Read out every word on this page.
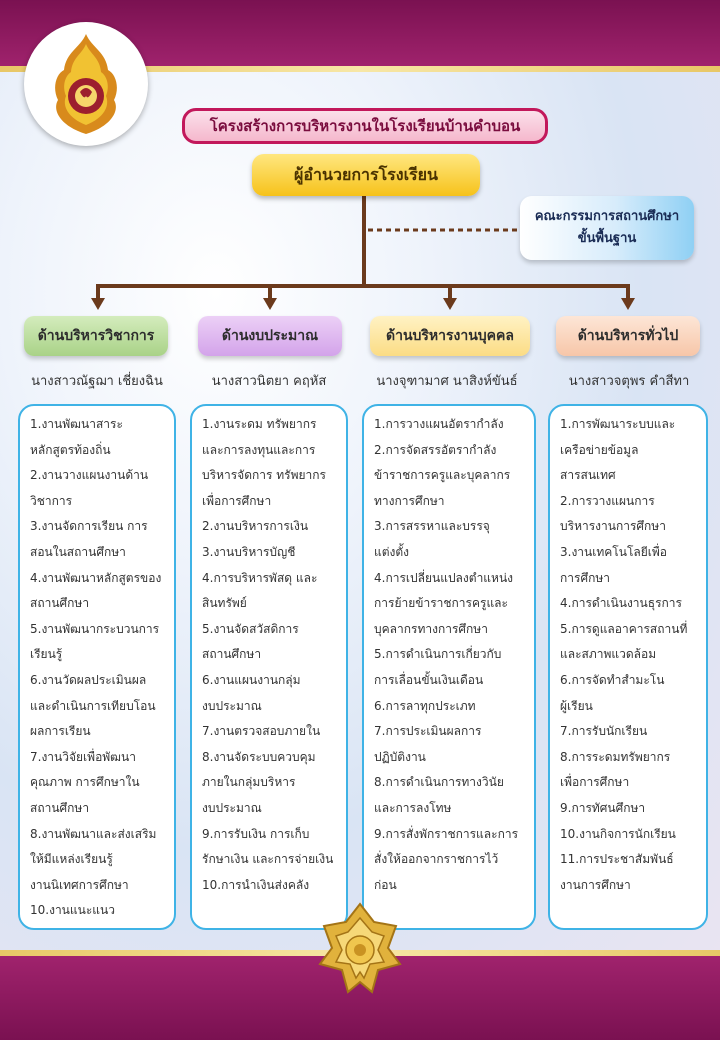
โครงสร้างการบริหารงานในโรงเรียนบ้านคำบอน
ผู้อำนวยการโรงเรียน
คณะกรรมการสถานศึกษา
ขั้นพื้นฐาน
ด้านบริหารวิชาการ	ด้านงบประมาณ	ด้านบริหารงานบุคคล	ด้านบริหารทั่วไป
นางสาวณัฐฌา เชี่ยงฉิน	นางสาวนิตยา คฤหัส	นางจุฑามาศ นาสิงห์ขันธ์	นางสาวจตุพร คำสีทา

1.งานพัฒนาสาระ

หลักสูตรท้องถิ่น

2.งานวางแผนงานด้าน

วิชาการ

3.งานจัดการเรียน การ

สอนในสถานศึกษา

4.งานพัฒนาหลักสูตรของ

สถานศึกษา

5.งานพัฒนากระบวนการ

เรียนรู้

6.งานวัดผลประเมินผล

และดำเนินการเทียบโอน

ผลการเรียน

7.งานวิจัยเพื่อพัฒนา

คุณภาพ การศึกษาใน

สถานศึกษา

8.งานพัฒนาและส่งเสริม

ให้มีแหล่งเรียนรู้

งานนิเทศการศึกษา

10.งานแนะแนว

1.งานระดม ทรัพยากร

และการลงทุนและการ

บริหารจัดการ ทรัพยากร

เพื่อการศึกษา

2.งานบริหารการเงิน

3.งานบริหารบัญชี

4.การบริหารพัสดุ และ

สินทรัพย์

5.งานจัดสวัสดิการ

สถานศึกษา

6.งานแผนงานกลุ่ม

งบประมาณ

7.งานตรวจสอบภายใน

8.งานจัดระบบควบคุม

ภายในกลุ่มบริหาร

งบประมาณ

9.การรับเงิน การเก็บ

รักษาเงิน และการจ่ายเงิน

10.การนำเงินส่งคลัง

1.การวางแผนอัตรากำลัง

2.การจัดสรรอัตรากำลัง

ข้าราชการครูและบุคลากร

ทางการศึกษา

3.การสรรหาและบรรจุ

แต่งตั้ง

4.การเปลี่ยนแปลงตำแหน่ง

การย้ายข้าราชการครูและ

บุคลากรทางการศึกษา

5.การดำเนินการเกี่ยวกับ

การเลื่อนขั้นเงินเดือน

6.การลาทุกประเภท

7.การประเมินผลการ

ปฏิบัติงาน

8.การดำเนินการทางวินัย

และการลงโทษ

9.การสั่งพักราชการและการ

สั่งให้ออกจากราชการไว้

ก่อน

1.การพัฒนาระบบและ

เครือข่ายข้อมูล

สารสนเทศ

2.การวางแผนการ

บริหารงานการศึกษา

3.งานเทคโนโลยีเพื่อ

การศึกษา

4.การดำเนินงานธุรการ

5.การดูแลอาคารสถานที่

และสภาพแวดล้อม

6.การจัดทำสำมะโน

ผู้เรียน

7.การรับนักเรียน

8.การระดมทรัพยากร

เพื่อการศึกษา

9.การทัศนศึกษา

10.งานกิจการนักเรียน

11.การประชาสัมพันธ์

งานการศึกษา
